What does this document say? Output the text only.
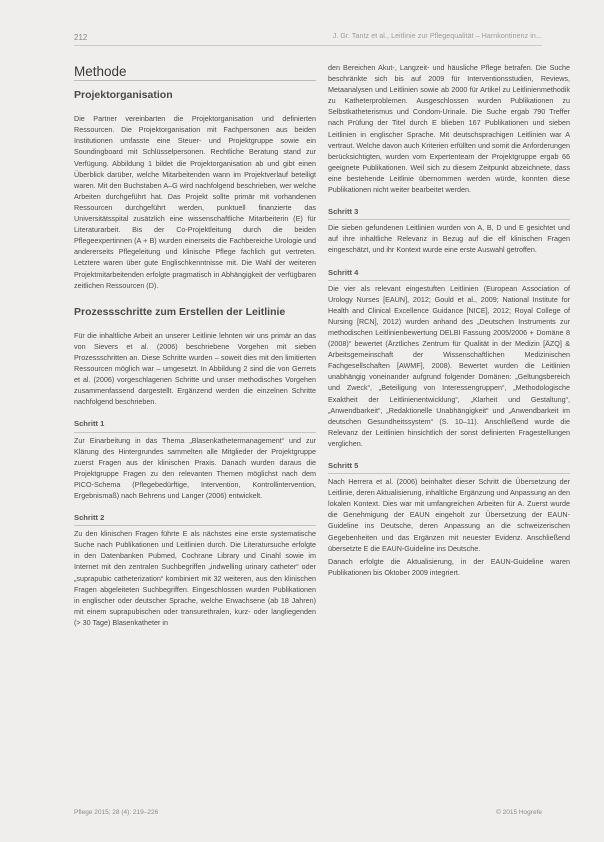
212	J. Gr. Tantz et al., Leitlinie zur Pflegequalität – Harnkontinenz in...
Methode
Projektorganisation

Die Partner vereinbarten die Projektorganisation und definierten Ressourcen. Die Projektorganisation mit Fachpersonen aus beiden Institutionen umfasste eine Steuer- und Projektgruppe sowie ein Soundingboard mit Schlüsselpersonen. Rechtliche Beratung stand zur Verfügung. Abbildung 1 bildet die Projektorganisation ab und gibt einen Überblick darüber, welche Mitarbeitenden wann im Projektverlauf beteiligt waren. Mit den Buchstaben A–G wird nachfolgend beschrieben, wer welche Arbeiten durchgeführt hat. Das Projekt sollte primär mit vorhandenen Ressourcen durchgeführt werden, punktuell finanzierte das Universitätsspital zusätzlich eine wissenschaftliche Mitarbeiterin (E) für Literaturarbeit. Bis der Co-Projektleitung durch die beiden Pflegeexpertinnen (A + B) wurden einerseits die Fachbereiche Urologie und andererseits Pflegeleitung und klinische Pflege fachlich gut vertreten. Letztere waren über gute Englischkenntnisse mit. Die Wahl der weiteren Projektmitarbeitenden erfolgte pragmatisch in Abhängigkeit der verfügbaren zeitlichen Ressourcen (D).

Prozessschritte zum Erstellen der Leitlinie

Für die inhaltliche Arbeit an unserer Leitlinie lehnten wir uns primär an das von Sievers et al. (2006) beschriebene Vorgehen mit sieben Prozessschritten an. Diese Schritte wurden – soweit dies mit den limitierten Ressourcen möglich war – umgesetzt. In Abbildung 2 sind die von Gerrets et al. (2006) vorgeschlagenen Schritte und unser methodisches Vorgehen zusammenfassend dargestellt. Ergänzend werden die einzelnen Schritte nachfolgend beschrieben.

Schritt 1

Zur Einarbeitung in das Thema „Blasenkathetermanagement“ und zur Klärung des Hintergrundes sammelten alle Mitglieder der Projektgruppe zuerst Fragen aus der klinischen Praxis. Danach wurden daraus die Projektgruppe Fragen zu den relevanten Themen möglichst nach dem PICO-Schema (Pflegebedürftige, Intervention, Kontrollintervention, Ergebnismaß) nach Behrens und Langer (2006) entwickelt.

Schritt 2

Zu den klinischen Fragen führte E als nächstes eine erste systematische Suche nach Publikationen und Leitlinien durch. Die Literatursuche erfolgte in den Datenbanken Pubmed, Cochrane Library und Cinahl sowie im Internet mit den zentralen Suchbegriffen „indwelling urinary catheter“ oder „suprapubic catheterization“ kombiniert mit 32 weiteren, aus den klinischen Fragen abgeleiteten Suchbegriffen. Eingeschlossen wurden Publikationen in englischer oder deutscher Sprache, welche Erwachsene (ab 18 Jahren) mit einem suprapubischen oder transurethralen, kurz- oder langliegenden (> 30 Tage) Blasenkatheter in

den Bereichen Akut-, Langzeit- und häusliche Pflege betrafen. Die Suche beschränkte sich bis auf 2009 für Interventionsstudien, Reviews, Metaanalysen und Leitlinien sowie ab 2000 für Artikel zu Leitlinienmethodik zu Katheterproblemen. Ausgeschlossen wurden Publikationen zu Selbstkatheterismus und Condom-Urinale. Die Suche ergab 790 Treffer nach Prüfung der Titel durch E blieben 167 Publikationen und sieben Leitlinien in englischer Sprache. Mit deutschsprachigen Leitlinien war A vertraut. Welche davon auch Kriterien erfüllten und somit die Anforderungen berücksichtigten, wurden vom Expertenteam der Projektgruppe ergab 66 geeignete Publikationen. Weil sich zu diesem Zeitpunkt abzeichnete, dass eine bestehende Leitlinie übernommen werden würde, konnten diese Publikationen nicht weiter bearbeitet werden.

Schritt 3

Die sieben gefundenen Leitlinien wurden von A, B, D und E gesichtet und auf ihre inhaltliche Relevanz in Bezug auf die elf klinischen Fragen eingeschätzt, und ihr Kontext wurde eine erste Auswahl getroffen.

Schritt 4

Die vier als relevant eingestuften Leitlinien (European Association of Urology Nurses [EAUN], 2012; Gould et al., 2009; National Institute for Health and Clinical Excellence Guidance [NICE], 2012; Royal College of Nursing [RCN], 2012) wurden anhand des „Deutschen Instruments zur methodischen Leitlinienbewertung DELBI Fassung 2005/2006 + Domäne 8 (2008)“ bewertet (Ärztliches Zentrum für Qualität in der Medizin [ÄZQ] & Arbeitsgemeinschaft der Wissenschaftlichen Medizinischen Fachgesellschaften [AWMF], 2008). Bewertet wurden die Leitlinien unabhängig voneinander aufgrund folgender Domänen: „Geltungsbereich und Zweck“, „Beteiligung von Interessengruppen“, „Methodologische Exaktheit der Leitlinienentwicklung“, „Klarheit und Gestaltung“, „Anwendbarkeit“, „Redaktionelle Unabhängigkeit“ und „Anwendbarkeit im deutschen Gesundheitssystem“ (S. 10–11). Anschließend wurde die Relevanz der Leitlinien hinsichtlich der sonst definierten Fragestellungen verglichen.

Schritt 5

Nach Herrera et al. (2006) beinhaltet dieser Schritt die Übersetzung der Leitlinie, deren Aktualisierung, inhaltliche Ergänzung und Anpassung an den lokalen Kontext. Dies war mit umfangreichen Arbeiten für A. Zuerst wurde die Genehmigung der EAUN eingeholt zur Übersetzung der EAUN-Guideline ins Deutsche, deren Anpassung an die schweizerischen Gegebenheiten und das Ergänzen mit neuester Evidenz. Anschließend übersetzte E die EAUN-Guideline ins Deutsche.

Danach erfolgte die Aktualisierung, in der EAUN-Guideline waren Publikationen bis Oktober 2009 integriert.

Pflege 2015; 28 (4): 219–226	© 2015 Hogrefe
